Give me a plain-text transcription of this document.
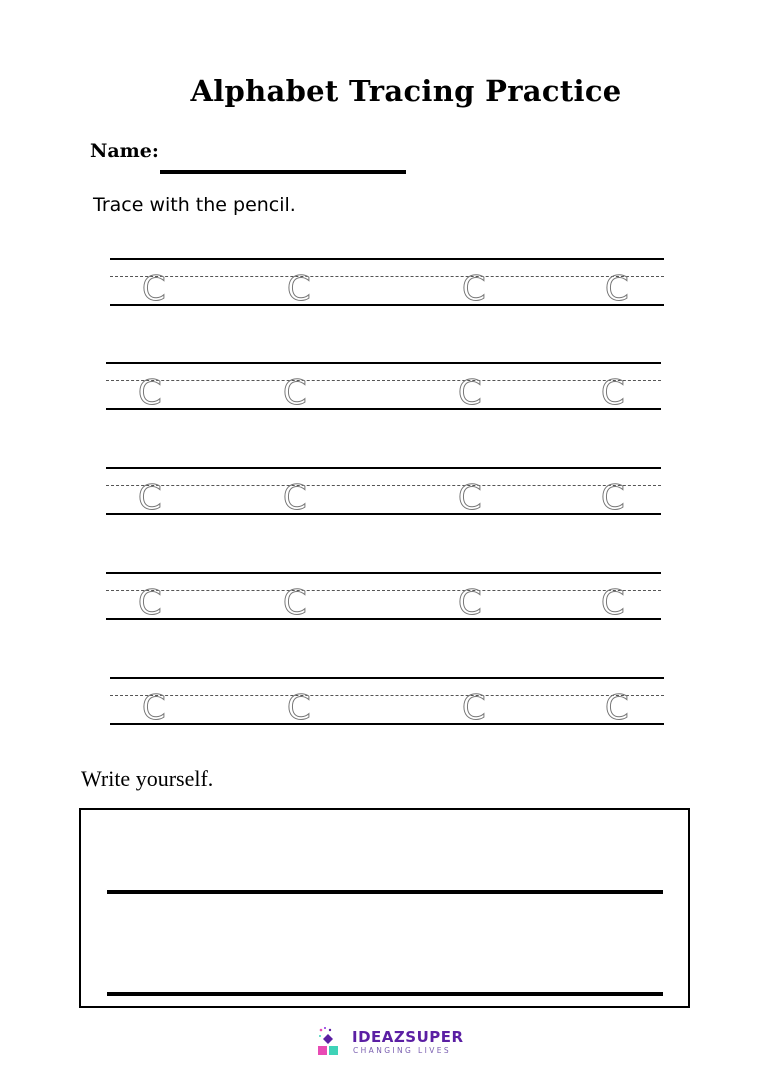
Alphabet Tracing Practice
Name:
Trace with the pencil.
C	C	C	C
C	C	C	C
C	C	C	C
C	C	C	C
C	C	C	C
Write yourself.
IDEAZSUPER
CHANGING LIVES
